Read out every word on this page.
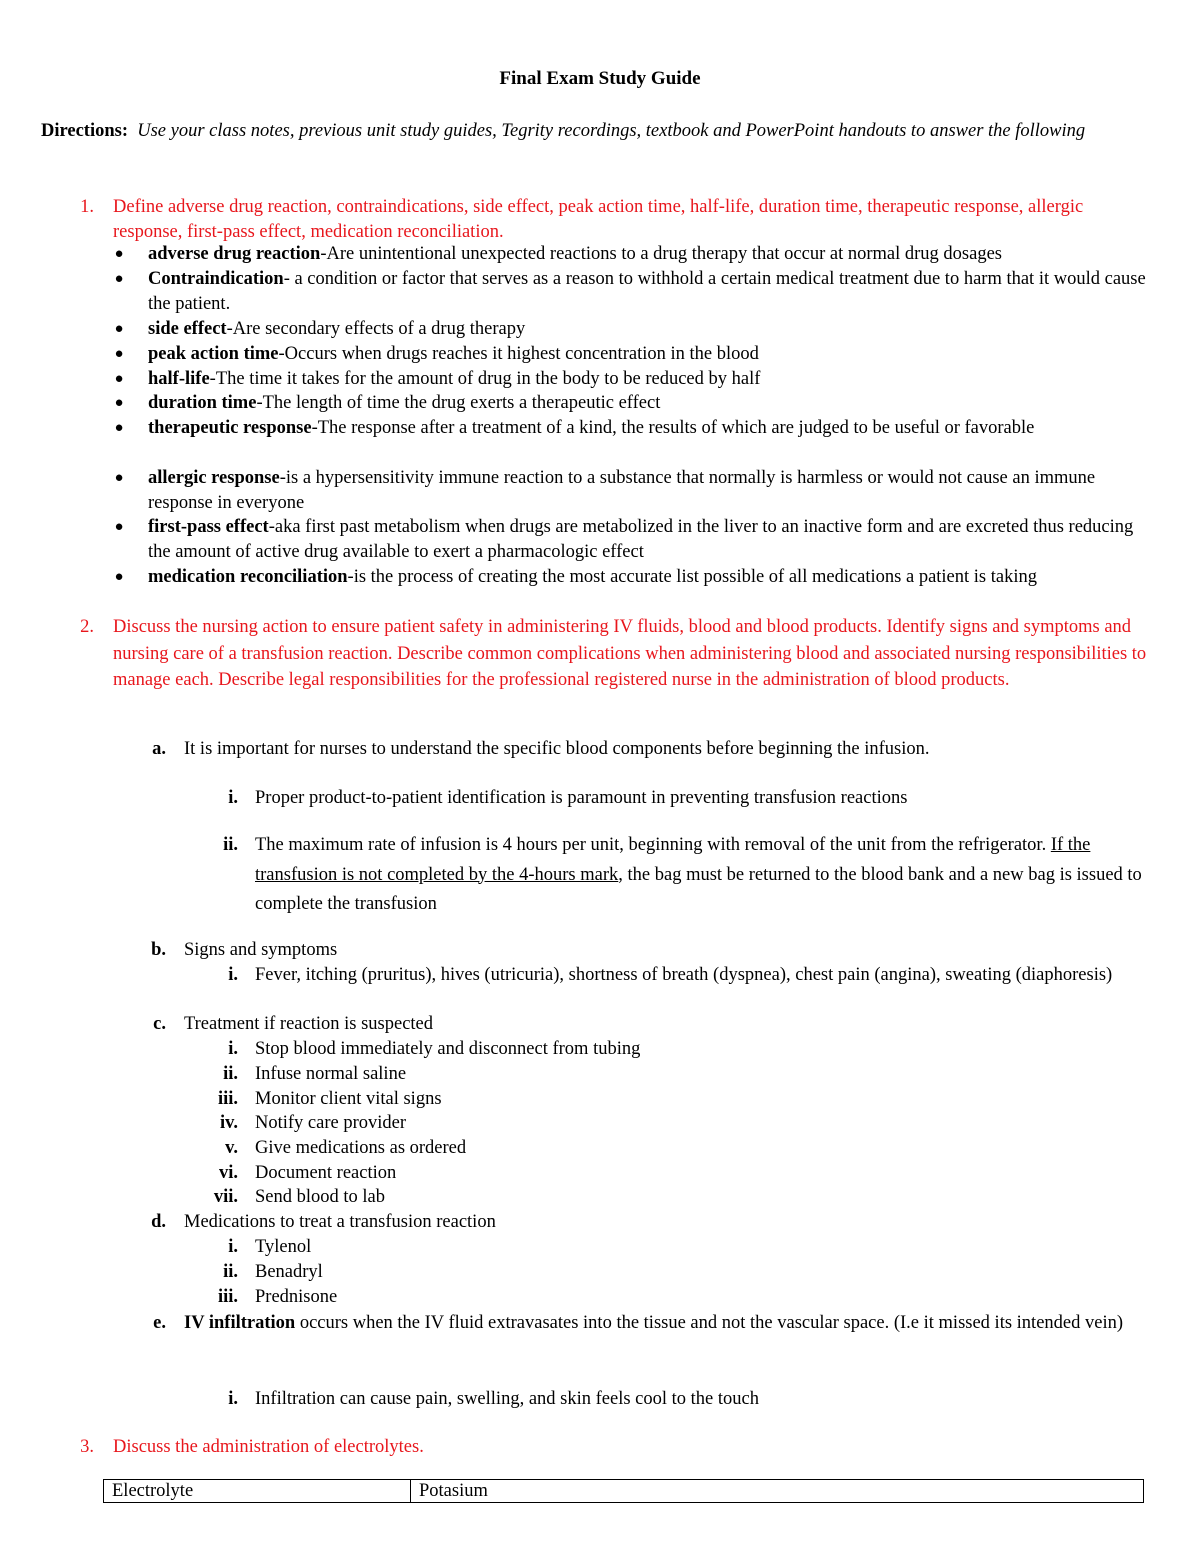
Final Exam Study Guide
Directions: Use your class notes, previous unit study guides, Tegrity recordings, textbook and PowerPoint handouts to answer the following
1. Define adverse drug reaction, contraindications, side effect, peak action time, half-life, duration time, therapeutic response, allergic response, first-pass effect, medication reconciliation.
● adverse drug reaction-Are unintentional unexpected reactions to a drug therapy that occur at normal drug dosages
● Contraindication- a condition or factor that serves as a reason to withhold a certain medical treatment due to harm that it would cause the patient.
● side effect-Are secondary effects of a drug therapy
● peak action time-Occurs when drugs reaches it highest concentration in the blood
● half-life-The time it takes for the amount of drug in the body to be reduced by half
● duration time-The length of time the drug exerts a therapeutic effect
● therapeutic response-The response after a treatment of a kind, the results of which are judged to be useful or favorable
● allergic response-is a hypersensitivity immune reaction to a substance that normally is harmless or would not cause an immune response in everyone
● first-pass effect-aka first past metabolism when drugs are metabolized in the liver to an inactive form and are excreted thus reducing the amount of active drug available to exert a pharmacologic effect
● medication reconciliation-is the process of creating the most accurate list possible of all medications a patient is taking
2. Discuss the nursing action to ensure patient safety in administering IV fluids, blood and blood products. Identify signs and symptoms and nursing care of a transfusion reaction. Describe common complications when administering blood and associated nursing responsibilities to manage each. Describe legal responsibilities for the professional registered nurse in the administration of blood products.
a. It is important for nurses to understand the specific blood components before beginning the infusion.
i. Proper product-to-patient identification is paramount in preventing transfusion reactions
ii. The maximum rate of infusion is 4 hours per unit, beginning with removal of the unit from the refrigerator. If the transfusion is not completed by the 4-hours mark, the bag must be returned to the blood bank and a new bag is issued to complete the transfusion
b. Signs and symptoms
i. Fever, itching (pruritus), hives (utricuria), shortness of breath (dyspnea), chest pain (angina), sweating (diaphoresis)
c. Treatment if reaction is suspected
i. Stop blood immediately and disconnect from tubing
ii. Infuse normal saline
iii. Monitor client vital signs
iv. Notify care provider
v. Give medications as ordered
vi. Document reaction
vii. Send blood to lab
d. Medications to treat a transfusion reaction
i. Tylenol
ii. Benadryl
iii. Prednisone
e. IV infiltration occurs when the IV fluid extravasates into the tissue and not the vascular space. (I.e it missed its intended vein)
i. Infiltration can cause pain, swelling, and skin feels cool to the touch
3. Discuss the administration of electrolytes.
Electrolyte	Potasium
